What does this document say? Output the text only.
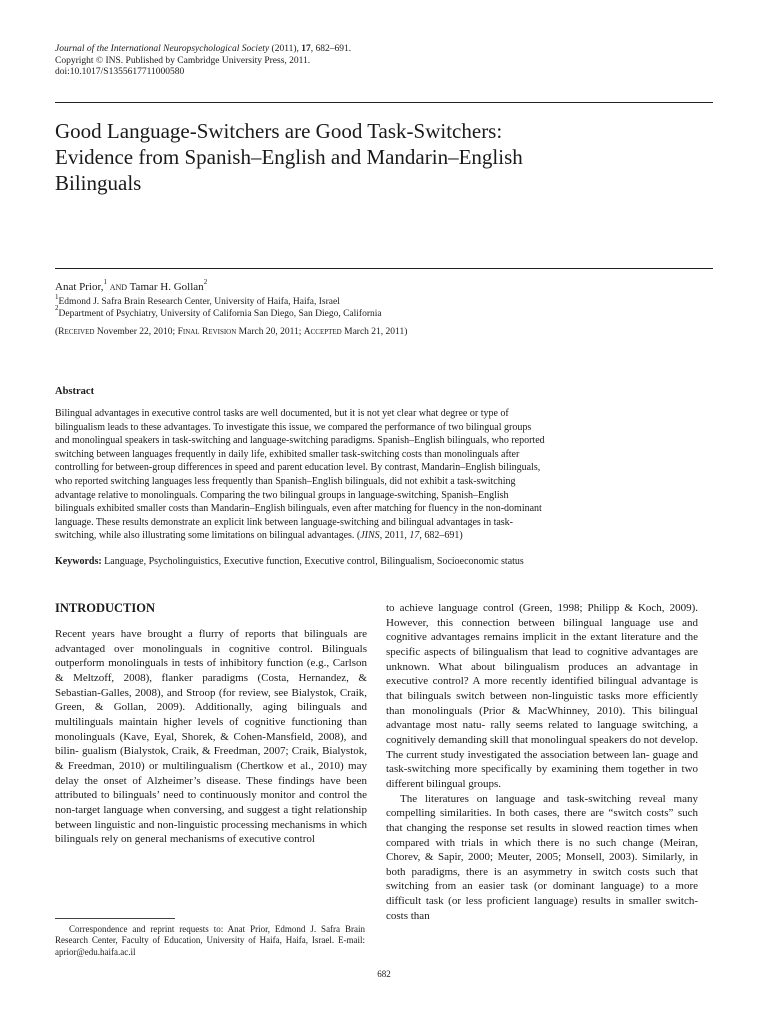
Journal of the International Neuropsychological Society (2011), 17, 682–691.
Copyright © INS. Published by Cambridge University Press, 2011.
doi:10.1017/S1355617711000580
Good Language-Switchers are Good Task-Switchers:
Evidence from Spanish–English and Mandarin–English
Bilinguals
Anat Prior,$^1$ and Tamar H. Gollan$^2$
$^1$Edmond J. Safra Brain Research Center, University of Haifa, Haifa, Israel
$^2$Department of Psychiatry, University of California San Diego, San Diego, California
(Received November 22, 2010; Final Revision March 20, 2011; Accepted March 21, 2011)
Abstract
Bilingual advantages in executive control tasks are well documented, but it is not yet clear what degree or type of
bilingualism leads to these advantages. To investigate this issue, we compared the performance of two bilingual groups
and monolingual speakers in task-switching and language-switching paradigms. Spanish–English bilinguals, who reported
switching between languages frequently in daily life, exhibited smaller task-switching costs than monolinguals after
controlling for between-group differences in speed and parent education level. By contrast, Mandarin–English bilinguals,
who reported switching languages less frequently than Spanish–English bilinguals, did not exhibit a task-switching
advantage relative to monolinguals. Comparing the two bilingual groups in language-switching, Spanish–English
bilinguals exhibited smaller costs than Mandarin–English bilinguals, even after matching for fluency in the non-dominant
language. These results demonstrate an explicit link between language-switching and bilingual advantages in task-
switching, while also illustrating some limitations on bilingual advantages. (JINS, 2011, 17, 682–691)
Keywords: Language, Psycholinguistics, Executive function, Executive control, Bilingualism, Socioeconomic status
INTRODUCTION

Recent years have brought a flurry of reports that bilinguals are advantaged over monolinguals in cognitive control. Bilinguals outperform monolinguals in tests of inhibitory function (e.g., Carlson & Meltzoff, 2008), flanker paradigms (Costa, Hernandez, & Sebastian-Galles, 2008), and Stroop (for review, see Bialystok, Craik, Green, & Gollan, 2009). Additionally, aging bilinguals and multilinguals maintain higher levels of cognitive functioning than monolinguals (Kave, Eyal, Shorek, & Cohen-Mansfield, 2008), and bilin- gualism (Bialystok, Craik, & Freedman, 2007; Craik, Bialystok, & Freedman, 2010) or multilingualism (Chertkow et al., 2010) may delay the onset of Alzheimer’s disease. These findings have been attributed to bilinguals’ need to continuously monitor and control the non-target language when conversing, and suggest a tight relationship between linguistic and non-linguistic processing mechanisms in which bilinguals rely on general mechanisms of executive control

to achieve language control (Green, 1998; Philipp & Koch, 2009). However, this connection between bilingual language use and cognitive advantages remains implicit in the extant literature and the specific aspects of bilingualism that lead to cognitive advantages are unknown. What about bilingualism produces an advantage in executive control? A more recently identified bilingual advantage is that bilinguals switch between non-linguistic tasks more efficiently than monolinguals (Prior & MacWhinney, 2010). This bilingual advantage most natu- rally seems related to language switching, a cognitively demanding skill that monolingual speakers do not develop. The current study investigated the association between lan- guage and task-switching more specifically by examining them together in two different bilingual groups.

The literatures on language and task-switching reveal many compelling similarities. In both cases, there are “switch costs” such that changing the response set results in slowed reaction times when compared with trials in which there is no such change (Meiran, Chorev, & Sapir, 2000; Meuter, 2005; Monsell, 2003). Similarly, in both paradigms, there is an asymmetry in switch costs such that switching from an easier task (or dominant language) to a more difficult task (or less proficient language) results in smaller switch-costs than

Correspondence and reprint requests to: Anat Prior, Edmond J. Safra Brain Research Center, Faculty of Education, University of Haifa, Haifa, Israel. E-mail: aprior@edu.haifa.ac.il
682
